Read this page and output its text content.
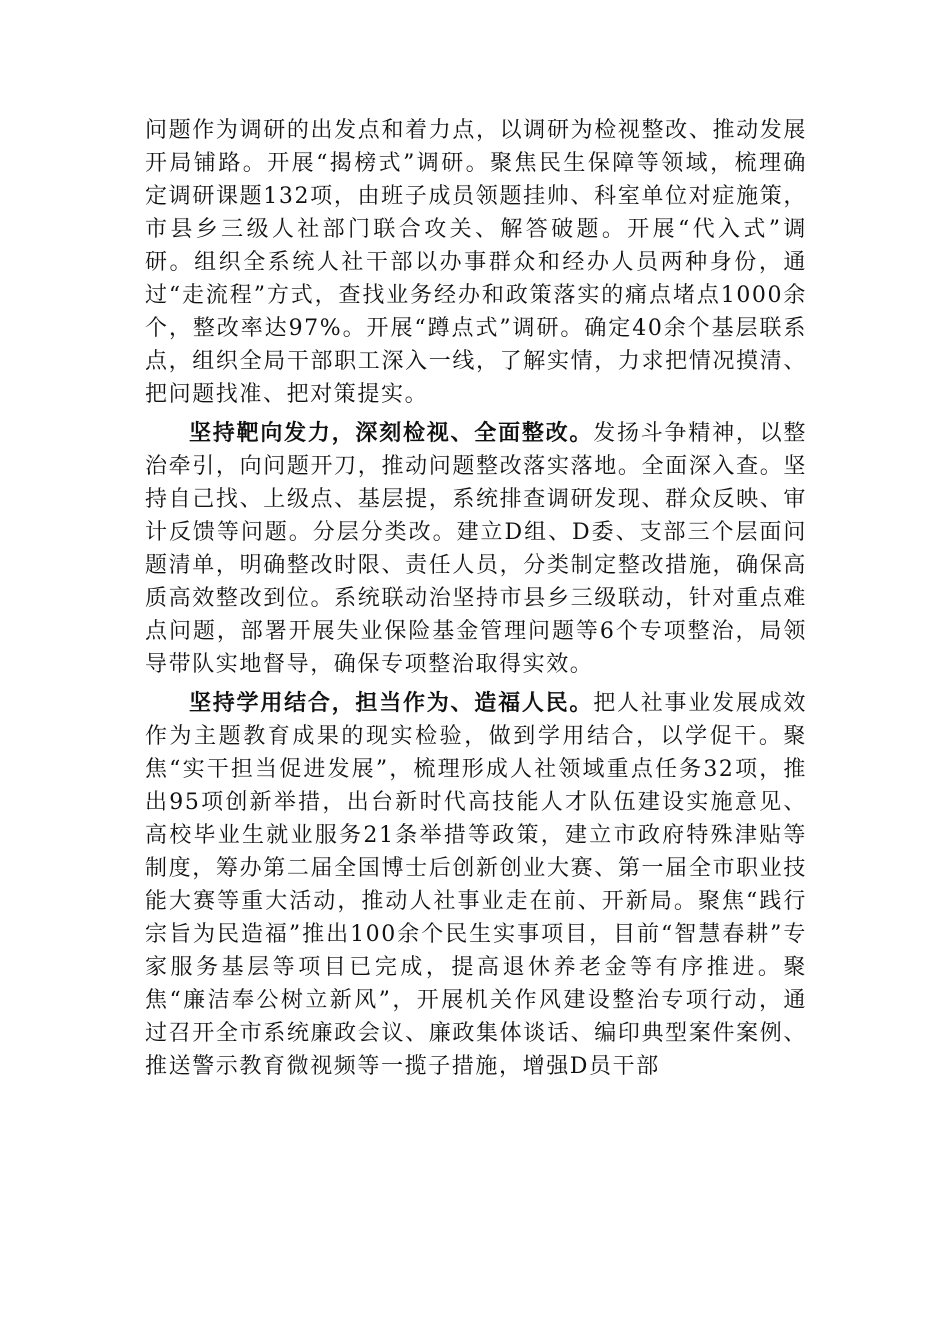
问题作为调研的出发点和着力点，以调研为检视整改、推动发展开局铺路。开展“揭榜式”调研。聚焦民生保障等领域，梳理确定调研课题132项，由班子成员领题挂帅、科室单位对症施策，市县乡三级人社部门联合攻关、解答破题。开展“代入式”调研。组织全系统人社干部以办事群众和经办人员两种身份，通过“走流程”方式，查找业务经办和政策落实的痛点堵点1000余个，整改率达97%。开展“蹲点式”调研。确定40余个基层联系点，组织全局干部职工深入一线，了解实情，力求把情况摸清、把问题找准、把对策提实。

坚持靶向发力，深刻检视、全面整改。发扬斗争精神，以整治牵引，向问题开刀，推动问题整改落实落地。全面深入查。坚持自己找、上级点、基层提，系统排查调研发现、群众反映、审计反馈等问题。分层分类改。建立D组、D委、支部三个层面问题清单，明确整改时限、责任人员，分类制定整改措施，确保高质高效整改到位。系统联动治坚持市县乡三级联动，针对重点难点问题，部署开展失业保险基金管理问题等6个专项整治，局领导带队实地督导，确保专项整治取得实效。

坚持学用结合，担当作为、造福人民。把人社事业发展成效作为主题教育成果的现实检验，做到学用结合，以学促干。聚焦“实干担当促进发展”，梳理形成人社领域重点任务32项，推出95项创新举措，出台新时代高技能人才队伍建设实施意见、高校毕业生就业服务21条举措等政策，建立市政府特殊津贴等制度，筹办第二届全国博士后创新创业大赛、第一届全市职业技能大赛等重大活动，推动人社事业走在前、开新局。聚焦“践行宗旨为民造福”推出100余个民生实事项目，目前“智慧春耕”专家服务基层等项目已完成，提高退休养老金等有序推进。聚焦“廉洁奉公树立新风”，开展机关作风建设整治专项行动，通过召开全市系统廉政会议、廉政集体谈话、编印典型案件案例、推送警示教育微视频等一揽子措施，增强D员干部
